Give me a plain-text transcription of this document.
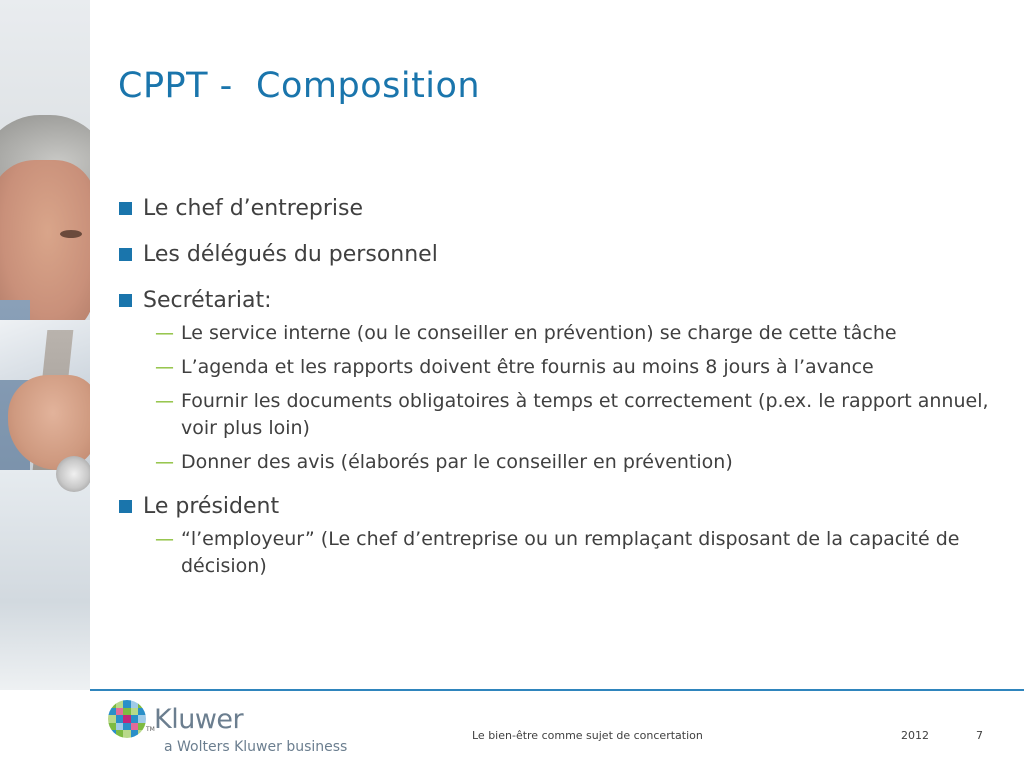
CPPT -  Composition
Le chef d’entreprise
Les délégués du personnel
Secrétariat:
— Le service interne (ou le conseiller en prévention) se charge de cette tâche
— L’agenda et les rapports doivent être fournis au moins 8 jours à l’avance
— Fournir les documents obligatoires à temps et correctement (p.ex. le rapport annuel, voir plus loin)
— Donner des avis (élaborés par le conseiller en prévention)
Le président
— “l’employeur” (Le chef d’entreprise ou un remplaçant disposant de la capacité de décision)
TM Kluwer
a Wolters Kluwer business
Le bien-être comme sujet de concertation	2012	7
